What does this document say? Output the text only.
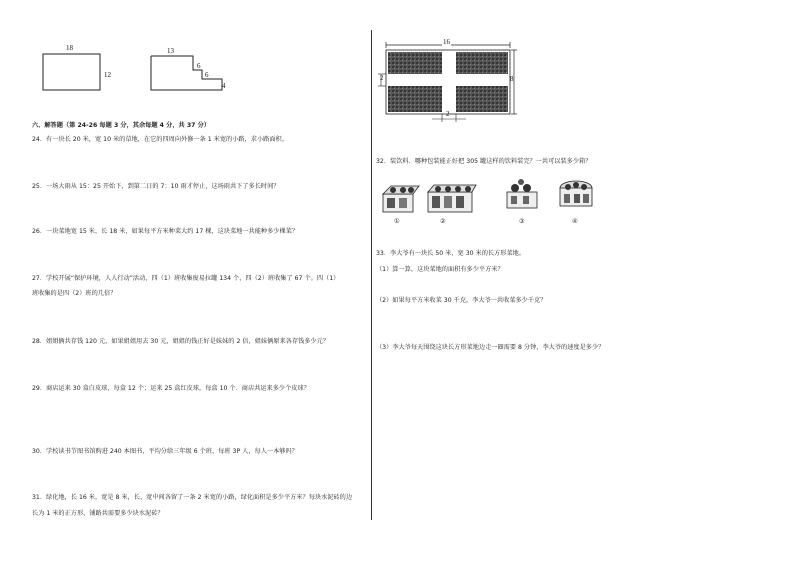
18
12
13
6
6
4
六、解答题（第 24-26 每题 3 分，其余每题 4 分，共 37 分）
24．有一块长 20 米，宽 10 米的草地，在它的四周向外修一条 1 米宽的小路，求小路面积。
25．一场大雨从 15：25 开始下，到第二日的 7：10 雨才停止，这场雨共下了多长时间？
26．一块菜地宽 15 米，长 18 米，如果每平方米种菜大约 17 棵，这块菜地一共能种多少棵菜？
27．学校开展“保护环境，人人行动”活动，四（1）班收集废易拉罐 134 个，四（2）班收集了 67 个。四（1）
班收集的是四（2）班的几倍？
28．姐姐俩共存钱 120 元，如果姐姐用去 30 元，姐姐的钱正好是妹妹的 2 倍，姐妹俩原来各存钱多少元？
29．商店运来 30 盒白皮球，每盒 12 个；运来 25 盒红皮球，每盒 10 个．商店共运来多少个皮球？
30．学校读书节图书馆购进 240 本图书，平均分给三年级 6 个班，每班 3P 人，每人一本够吗？
31．绿化地，长 16 米，宽是 8 米，长、宽中间各留了一条 2 米宽的小路，绿化面积是多少平方米？每块水泥砖的边
长为 1 米的正方形，铺路共需要多少块水泥砖？
16
8
2
2
32．装饮料．哪种包装能正好把 305 罐这样的饮料装完？一共可以装多少箱？
①	②	③	④
33．李大爷有一块长 50 米，宽 30 米的长方形菜地。
（1）算一算，这块菜地的面积有多少平方米？
（2）如果每平方米收菜 30 千克，李大爷一共收菜多少千克？
（3）李大爷每天围绕这块长方形菜地边走一圈需要 8 分钟，李大爷的速度是多少？
